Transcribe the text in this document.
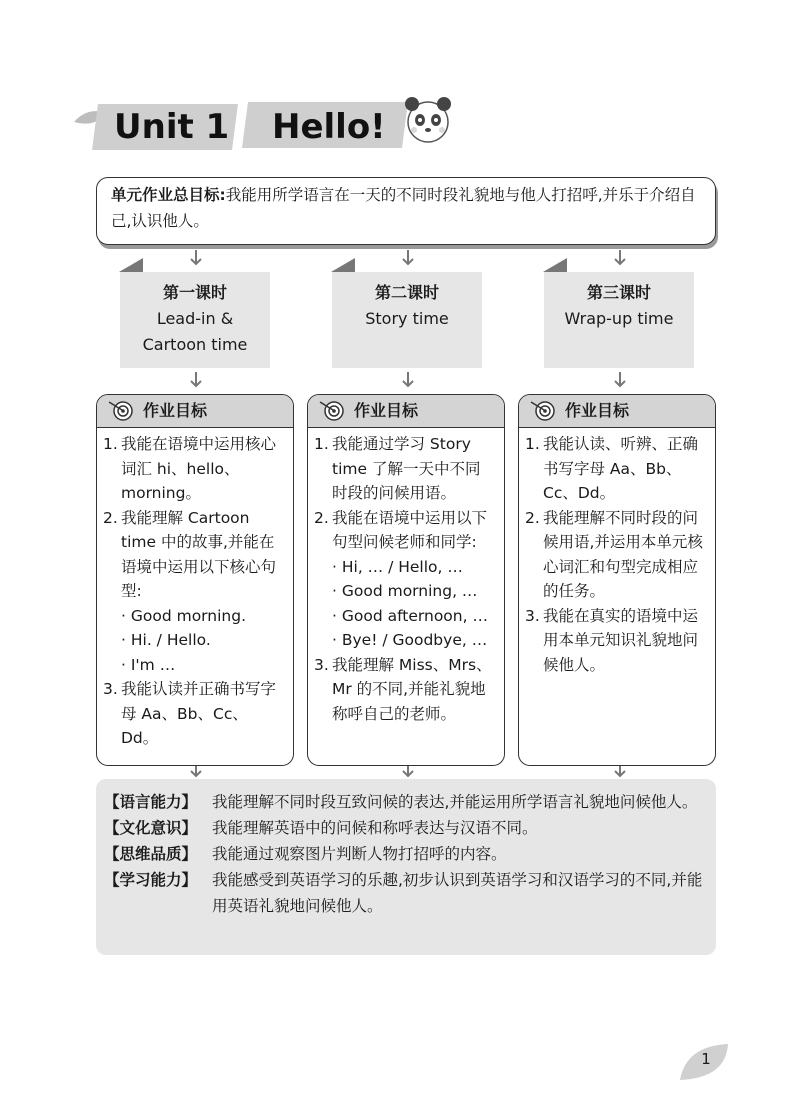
Unit 1 Hello!
单元作业总目标:我能用所学语言在一天的不同时段礼貌地与他人打招呼,并乐于介绍自己,认识他人。
第一课时
Lead-in &
Cartoon time
第二课时
Story time
第三课时
Wrap-up time
作业目标
1. 我能在语境中运用核心词汇 hi、hello、morning。
2. 我能理解 Cartoon time 中的故事,并能在语境中运用以下核心句型:
· Good morning.
· Hi. / Hello.
· I'm …
3. 我能认读并正确书写字母 Aa、Bb、Cc、Dd。
作业目标
1. 我能通过学习 Story time 了解一天中不同时段的问候用语。
2. 我能在语境中运用以下句型问候老师和同学:
· Hi, … / Hello, …
· Good morning, …
· Good afternoon, …
· Bye! / Goodbye, …
3. 我能理解 Miss、Mrs、Mr 的不同,并能礼貌地称呼自己的老师。
作业目标
1. 我能认读、听辨、正确书写字母 Aa、Bb、Cc、Dd。
2. 我能理解不同时段的问候用语,并运用本单元核心词汇和句型完成相应的任务。
3. 我能在真实的语境中运用本单元知识礼貌地问候他人。
【语言能力】 我能理解不同时段互致问候的表达,并能运用所学语言礼貌地问候他人。
【文化意识】 我能理解英语中的问候和称呼表达与汉语不同。
【思维品质】 我能通过观察图片判断人物打招呼的内容。
【学习能力】 我能感受到英语学习的乐趣,初步认识到英语学习和汉语学习的不同,并能用英语礼貌地问候他人。
1
